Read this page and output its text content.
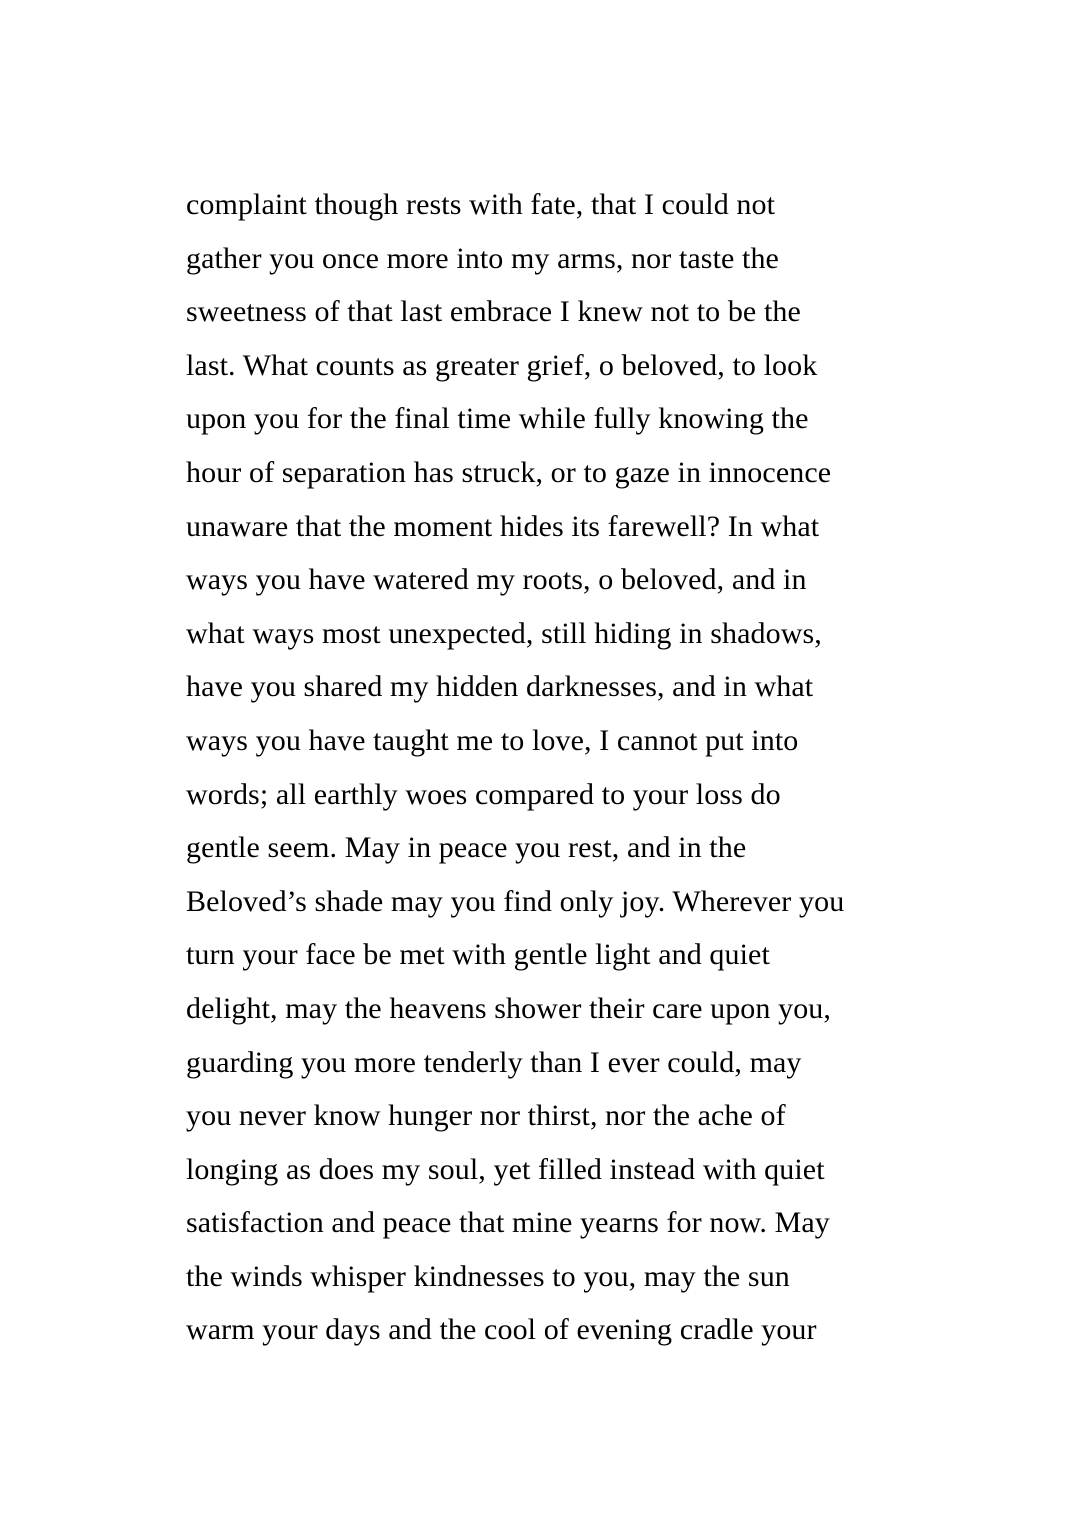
complaint though rests with fate, that I could not
gather you once more into my arms, nor taste the
sweetness of that last embrace I knew not to be the
last. What counts as greater grief, o beloved, to look
upon you for the final time while fully knowing the
hour of separation has struck, or to gaze in innocence
unaware that the moment hides its farewell? In what
ways you have watered my roots, o beloved, and in
what ways most unexpected, still hiding in shadows,
have you shared my hidden darknesses, and in what
ways you have taught me to love, I cannot put into
words; all earthly woes compared to your loss do
gentle seem. May in peace you rest, and in the
Beloved’s shade may you find only joy. Wherever you
turn your face be met with gentle light and quiet
delight, may the heavens shower their care upon you,
guarding you more tenderly than I ever could, may
you never know hunger nor thirst, nor the ache of
longing as does my soul, yet filled instead with quiet
satisfaction and peace that mine yearns for now. May
the winds whisper kindnesses to you, may the sun
warm your days and the cool of evening cradle your
